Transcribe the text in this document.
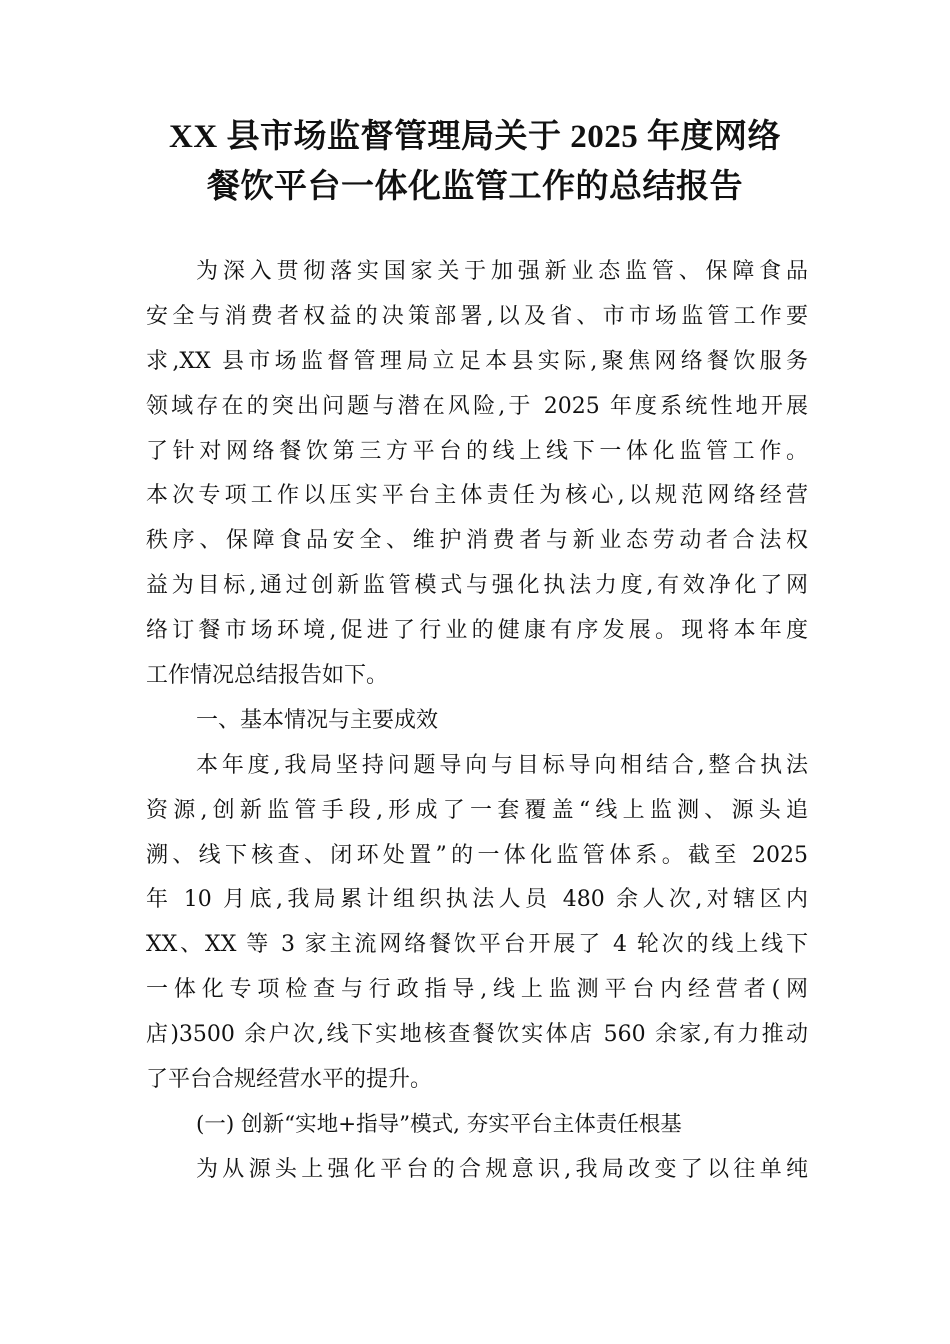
XX 县市场监督管理局关于 2025 年度网络
餐饮平台一体化监管工作的总结报告
为深入贯彻落实国家关于加强新业态监管、保障食品
安全与消费者权益的决策部署,以及省、市市场监管工作要
求,XX 县市场监督管理局立足本县实际,聚焦网络餐饮服务
领域存在的突出问题与潜在风险,于 2025 年度系统性地开展
了针对网络餐饮第三方平台的线上线下一体化监管工作。
本次专项工作以压实平台主体责任为核心,以规范网络经营
秩序、保障食品安全、维护消费者与新业态劳动者合法权
益为目标,通过创新监管模式与强化执法力度,有效净化了网
络订餐市场环境,促进了行业的健康有序发展。现将本年度
工作情况总结报告如下。
一、基本情况与主要成效
本年度,我局坚持问题导向与目标导向相结合,整合执法
资源,创新监管手段,形成了一套覆盖“线上监测、源头追
溯、线下核查、闭环处置”的一体化监管体系。截至 2025
年 10 月底,我局累计组织执法人员 480 余人次,对辖区内
XX、XX 等 3 家主流网络餐饮平台开展了 4 轮次的线上线下
一体化专项检查与行政指导,线上监测平台内经营者(网
店)3500 余户次,线下实地核查餐饮实体店 560 余家,有力推动
了平台合规经营水平的提升。
(一) 创新“实地+指导”模式, 夯实平台主体责任根基
为从源头上强化平台的合规意识,我局改变了以往单纯
